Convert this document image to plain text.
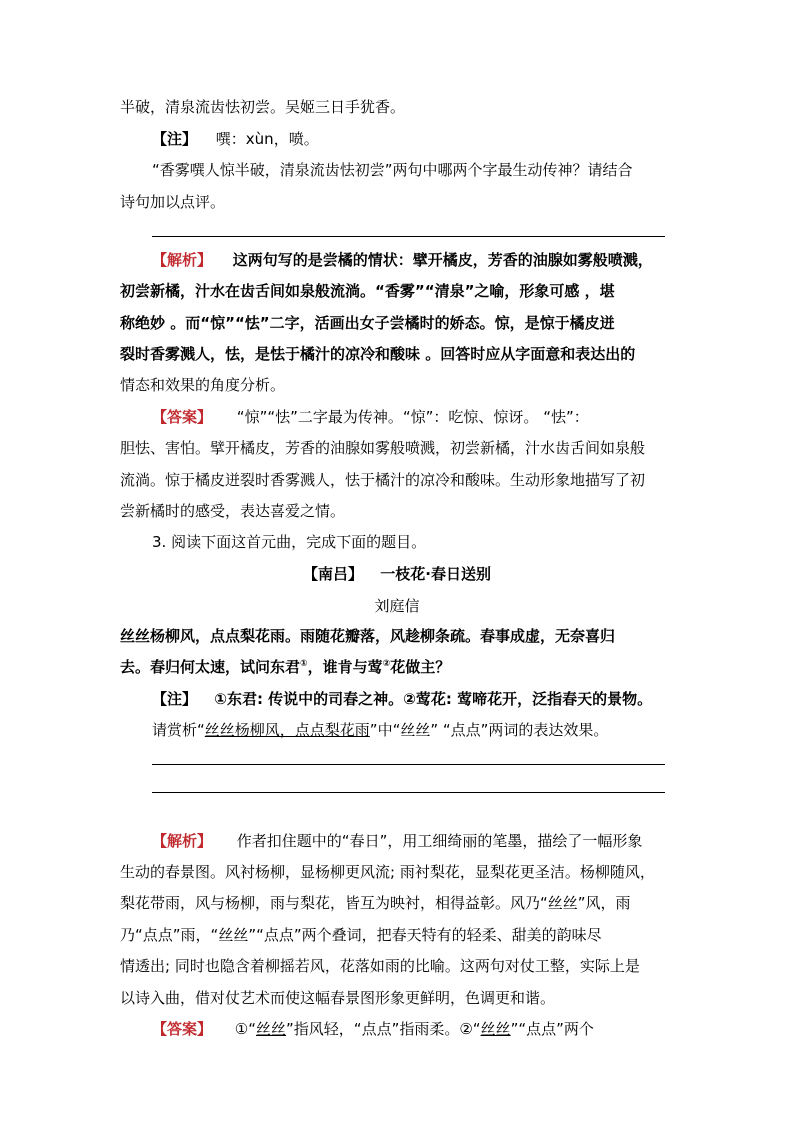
半破，清泉流齿怯初尝。吴姬三日手犹香。
【注】 噀：xùn，喷。
“香雾噀人惊半破，清泉流齿怯初尝”两句中哪两个字最生动传神？请结合
诗句加以点评。
【解析】 这两句写的是尝橘的情状：擘开橘皮，芳香的油腺如雾般喷溅，
初尝新橘，汁水在齿舌间如泉般流淌。“香雾”“清泉”之喻，形象可感 ，堪
称绝妙 。而“惊”“怯”二字，活画出女子尝橘时的娇态。惊，是惊于橘皮迸
裂时香雾溅人，怯，是怯于橘汁的凉冷和酸味 。回答时应从字面意和表达出的
情态和效果的角度分析。
【答案】 “惊”“怯”二字最为传神。“惊”：吃惊、惊讶。 “怯”：
胆怯、害怕。擘开橘皮，芳香的油腺如雾般喷溅，初尝新橘，汁水齿舌间如泉般
流淌。惊于橘皮迸裂时香雾溅人，怯于橘汁的凉冷和酸味。生动形象地描写了初
尝新橘时的感受，表达喜爱之情。
3. 阅读下面这首元曲，完成下面的题目。
【南吕】 一枝花·春日送别
刘庭信
丝丝杨柳风，点点梨花雨。雨随花瓣落，风趁柳条疏。春事成虚，无奈喜归
去。春归何太速，试问东君①，谁肯与莺②花做主？
【注】 ①东君: 传说中的司春之神。②莺花: 莺啼花开，泛指春天的景物。
请赏析“丝丝杨柳风，点点梨花雨”中“丝丝” “点点”两词的表达效果。
【解析】 作者扣住题中的“春日”，用工细绮丽的笔墨，描绘了一幅形象
生动的春景图。风衬杨柳，显杨柳更风流; 雨衬梨花，显梨花更圣洁。杨柳随风，
梨花带雨，风与杨柳，雨与梨花，皆互为映衬，相得益彰。风乃“丝丝”风，雨
乃“点点”雨，“丝丝”“点点”两个叠词，把春天特有的轻柔、甜美的韵味尽
情透出; 同时也隐含着柳摇若风，花落如雨的比喻。这两句对仗工整，实际上是
以诗入曲，借对仗艺术而使这幅春景图形象更鲜明，色调更和谐。
【答案】 ①“丝丝”指风轻，“点点”指雨柔。②“丝丝”“点点”两个
